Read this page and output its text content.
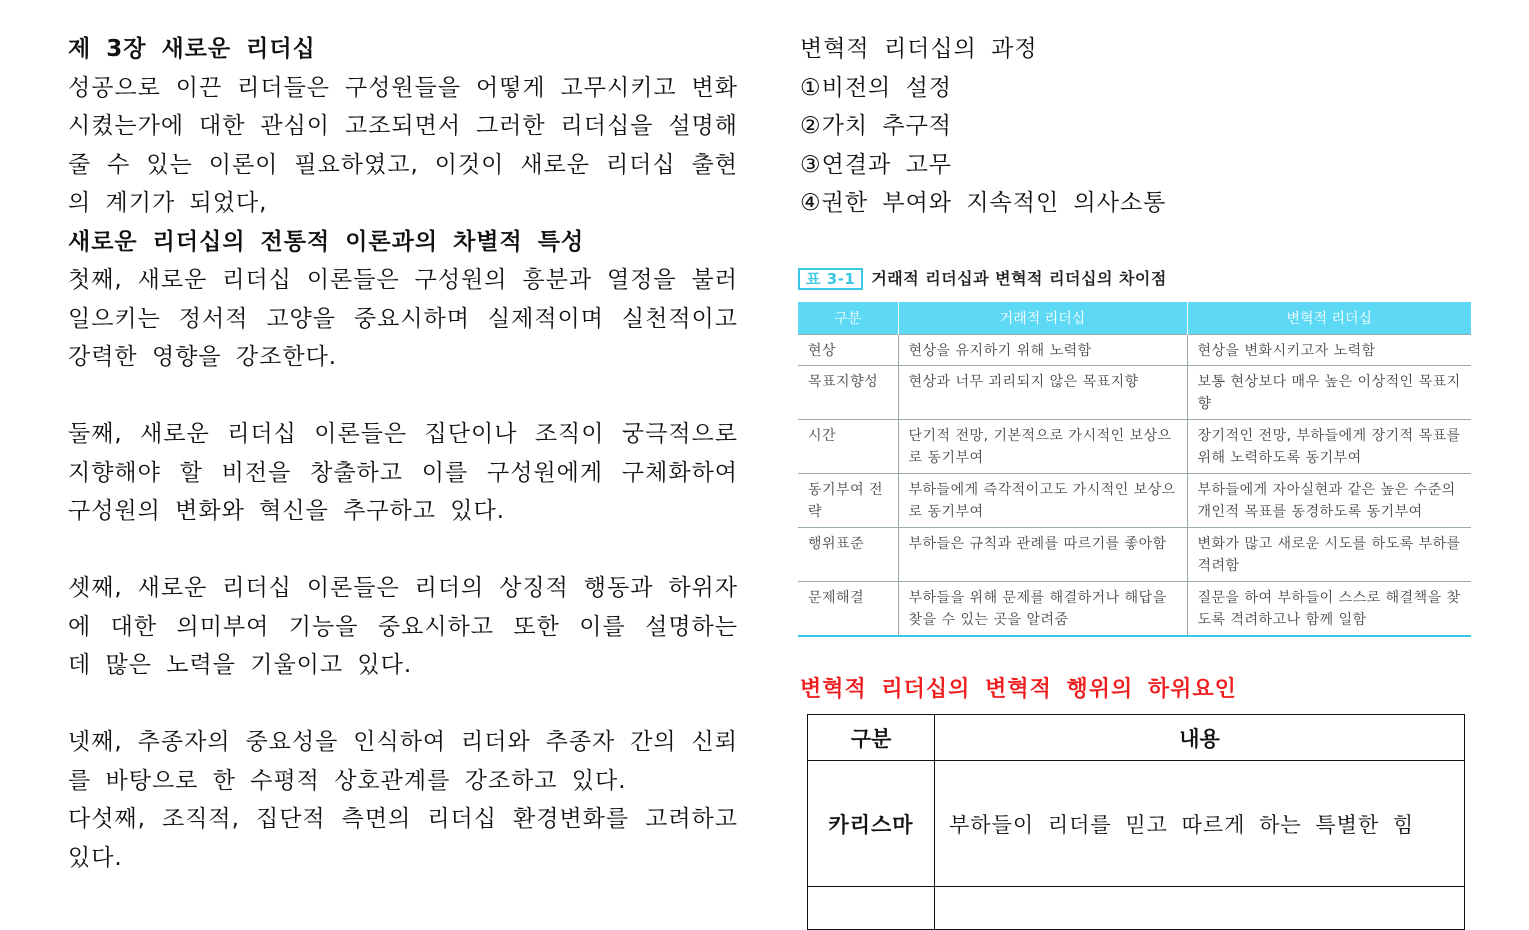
제 3장 새로운 리더십

성공으로 이끈 리더들은 구성원들을 어떻게 고무시키고 변화시켰는가에 대한 관심이 고조되면서 그러한 리더십을 설명해 줄 수 있는 이론이 필요하였고, 이것이 새로운 리더십 출현의 계기가 되었다,

새로운 리더십의 전통적 이론과의 차별적 특성

첫째, 새로운 리더십 이론들은 구성원의 흥분과 열정을 불러일으키는 정서적 고양을 중요시하며 실제적이며 실천적이고 강력한 영향을 강조한다.

둘째, 새로운 리더십 이론들은 집단이나 조직이 궁극적으로 지향해야 할 비전을 창출하고 이를 구성원에게 구체화하여 구성원의 변화와 혁신을 추구하고 있다.

셋째, 새로운 리더십 이론들은 리더의 상징적 행동과 하위자에 대한 의미부여 기능을 중요시하고 또한 이를 설명하는 데 많은 노력을 기울이고 있다.

넷째, 추종자의 중요성을 인식하여 리더와 추종자 간의 신뢰를 바탕으로 한 수평적 상호관계를 강조하고 있다.

다섯째, 조직적, 집단적 측면의 리더십 환경변화를 고려하고 있다.

변혁적 리더십의 과정
①비전의 설정
②가치 추구적
③연결과 고무
④권한 부여와 지속적인 의사소통
표 3-1 거래적 리더십과 변혁적 리더십의 차이점
구분	거래적 리더십	변혁적 리더십
현상	현상을 유지하기 위해 노력함	현상을 변화시키고자 노력함
목표지향성	현상과 너무 괴리되지 않은 목표지향	보통 현상보다 매우 높은 이상적인 목표지향
시간	단기적 전망, 기본적으로 가시적인 보상으로 동기부여	장기적인 전망, 부하들에게 장기적 목표를 위해 노력하도록 동기부여
동기부여 전략	부하들에게 즉각적이고도 가시적인 보상으로 동기부여	부하들에게 자아실현과 같은 높은 수준의 개인적 목표를 동경하도록 동기부여
행위표준	부하들은 규칙과 관례를 따르기를 좋아함	변화가 많고 새로운 시도를 하도록 부하를 격려함
문제해결	부하들을 위해 문제를 해결하거나 해답을 찾을 수 있는 곳을 알려줌	질문을 하여 부하들이 스스로 해결책을 찾도록 격려하고나 함께 일함

변혁적 리더십의 변혁적 행위의 하위요인

구분	내용
카리스마	부하들이 리더를 믿고 따르게 하는 특별한 힘
